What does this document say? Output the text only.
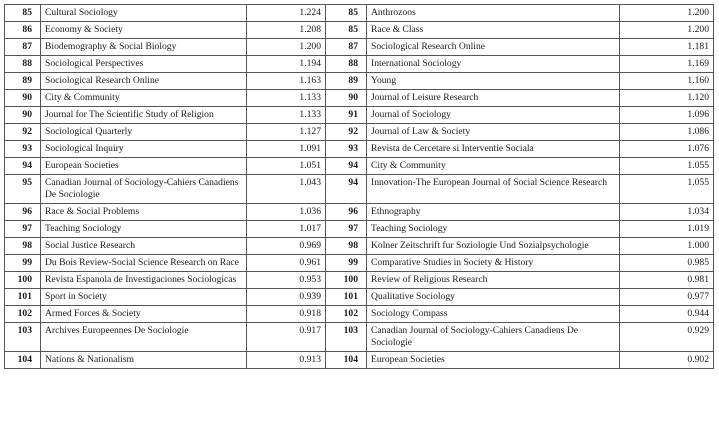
85	Cultural Sociology	1.224	85	Anthrozoos	1.200
86	Economy & Society	1.208	85	Race & Class	1.200
87	Biodemography & Social Biology	1.200	87	Sociological Research Online	1.181
88	Sociological Perspectives	1.194	88	International Sociology	1.169
89	Sociological Research Online	1.163	89	Young	1.160
90	City & Community	1.133	90	Journal of Leisure Research	1.120
90	Journal for The Scientific Study of Religion	1.133	91	Journal of Sociology	1.096
92	Sociological Quarterly	1.127	92	Journal of Law & Society	1.086
93	Sociological Inquiry	1.091	93	Revista de Cercetare si Interventie Sociala	1.076
94	European Societies	1.051	94	City & Community	1.055
95	Canadian Journal of Sociology-Cahiers Canadiens De Sociologie	1.043	94	Innovation-The European Journal of Social Science Research	1.055
96	Race & Social Problems	1.036	96	Ethnography	1.034
97	Teaching Sociology	1.017	97	Teaching Sociology	1.019
98	Social Justice Research	0.969	98	Kolner Zeitschrift fur Soziologie Und Sozialpsychologie	1.000
99	Du Bois Review-Social Science Research on Race	0.961	99	Comparative Studies in Society & History	0.985
100	Revista Espanola de Investigaciones Sociologicas	0.953	100	Review of Religious Research	0.981
101	Sport in Society	0.939	101	Qualitative Sociology	0.977
102	Armed Forces & Society	0.918	102	Sociology Compass	0.944
103	Archives Europeennes De Sociologie	0.917	103	Canadian Journal of Sociology-Cahiers Canadiens De Sociologie	0.929
104	Nations & Nationalism	0.913	104	European Societies	0.902
